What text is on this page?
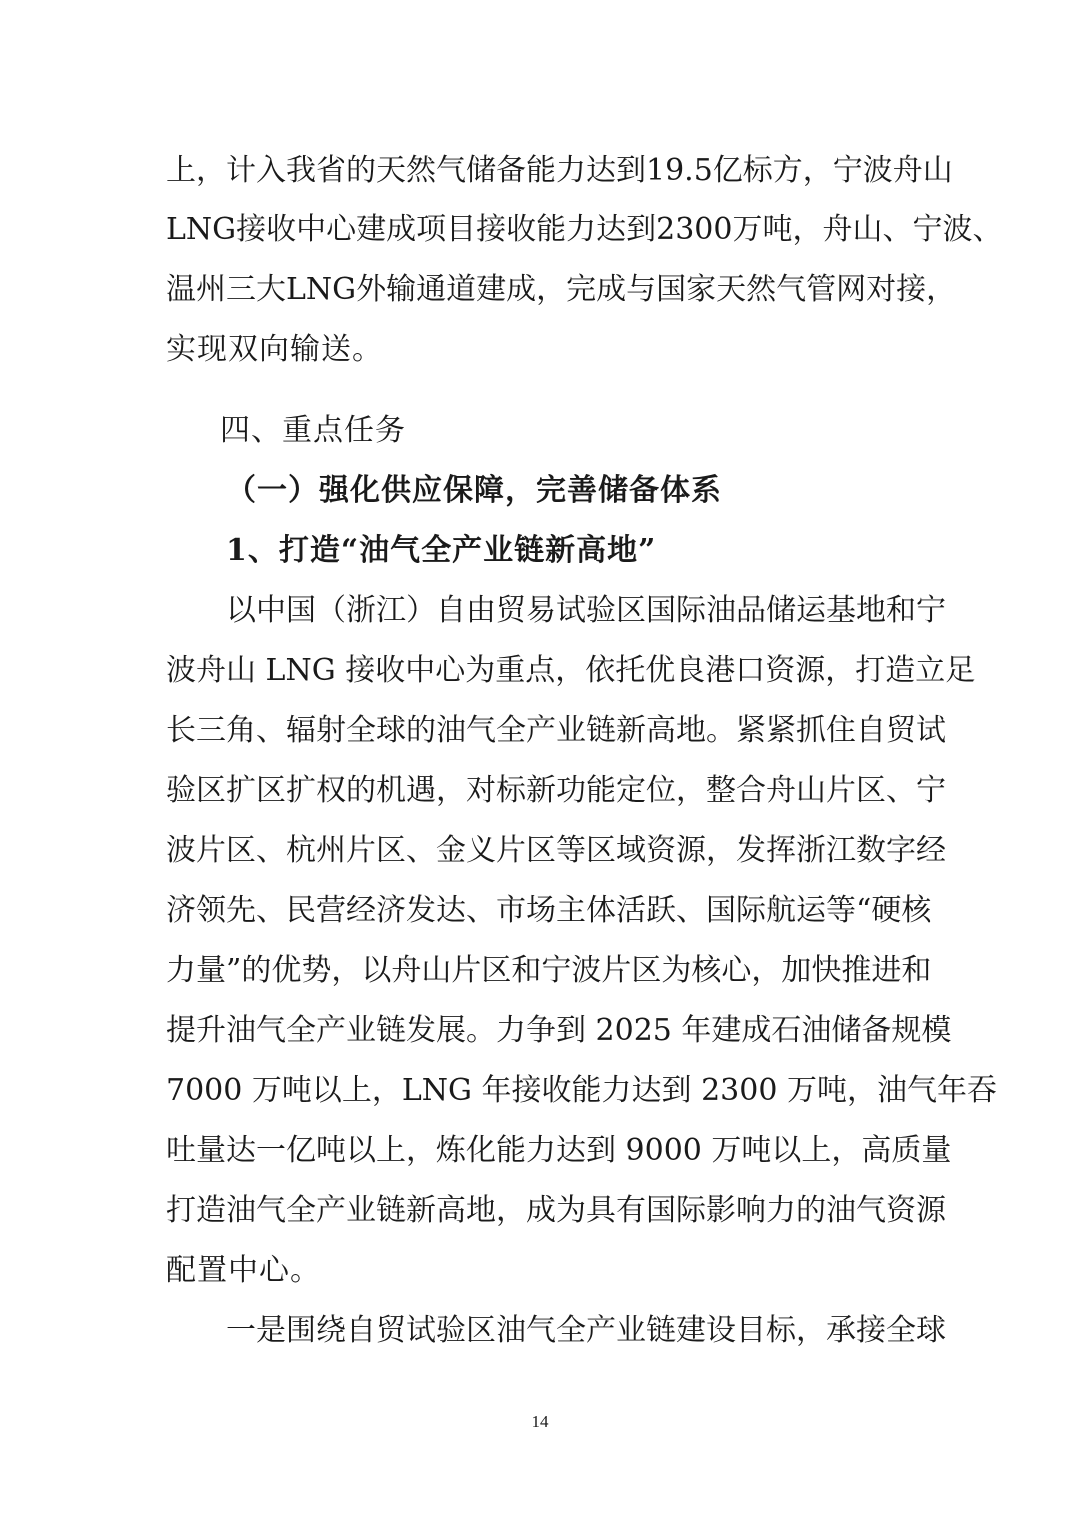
上，计入我省的天然气储备能力达到19.5亿标方，宁波舟山
LNG接收中心建成项目接收能力达到2300万吨，舟山、宁波、
温州三大LNG外输通道建成，完成与国家天然气管网对接，
实现双向输送。
四、重点任务
（一）强化供应保障，完善储备体系
1、打造“油气全产业链新高地”
以中国（浙江）自由贸易试验区国际油品储运基地和宁
波舟山 LNG 接收中心为重点，依托优良港口资源，打造立足
长三角、辐射全球的油气全产业链新高地。紧紧抓住自贸试
验区扩区扩权的机遇，对标新功能定位，整合舟山片区、宁
波片区、杭州片区、金义片区等区域资源，发挥浙江数字经
济领先、民营经济发达、市场主体活跃、国际航运等“硬核
力量”的优势，以舟山片区和宁波片区为核心，加快推进和
提升油气全产业链发展。力争到 2025 年建成石油储备规模
7000 万吨以上，LNG 年接收能力达到 2300 万吨，油气年吞
吐量达一亿吨以上，炼化能力达到 9000 万吨以上，高质量
打造油气全产业链新高地，成为具有国际影响力的油气资源
配置中心。
一是围绕自贸试验区油气全产业链建设目标，承接全球
14
